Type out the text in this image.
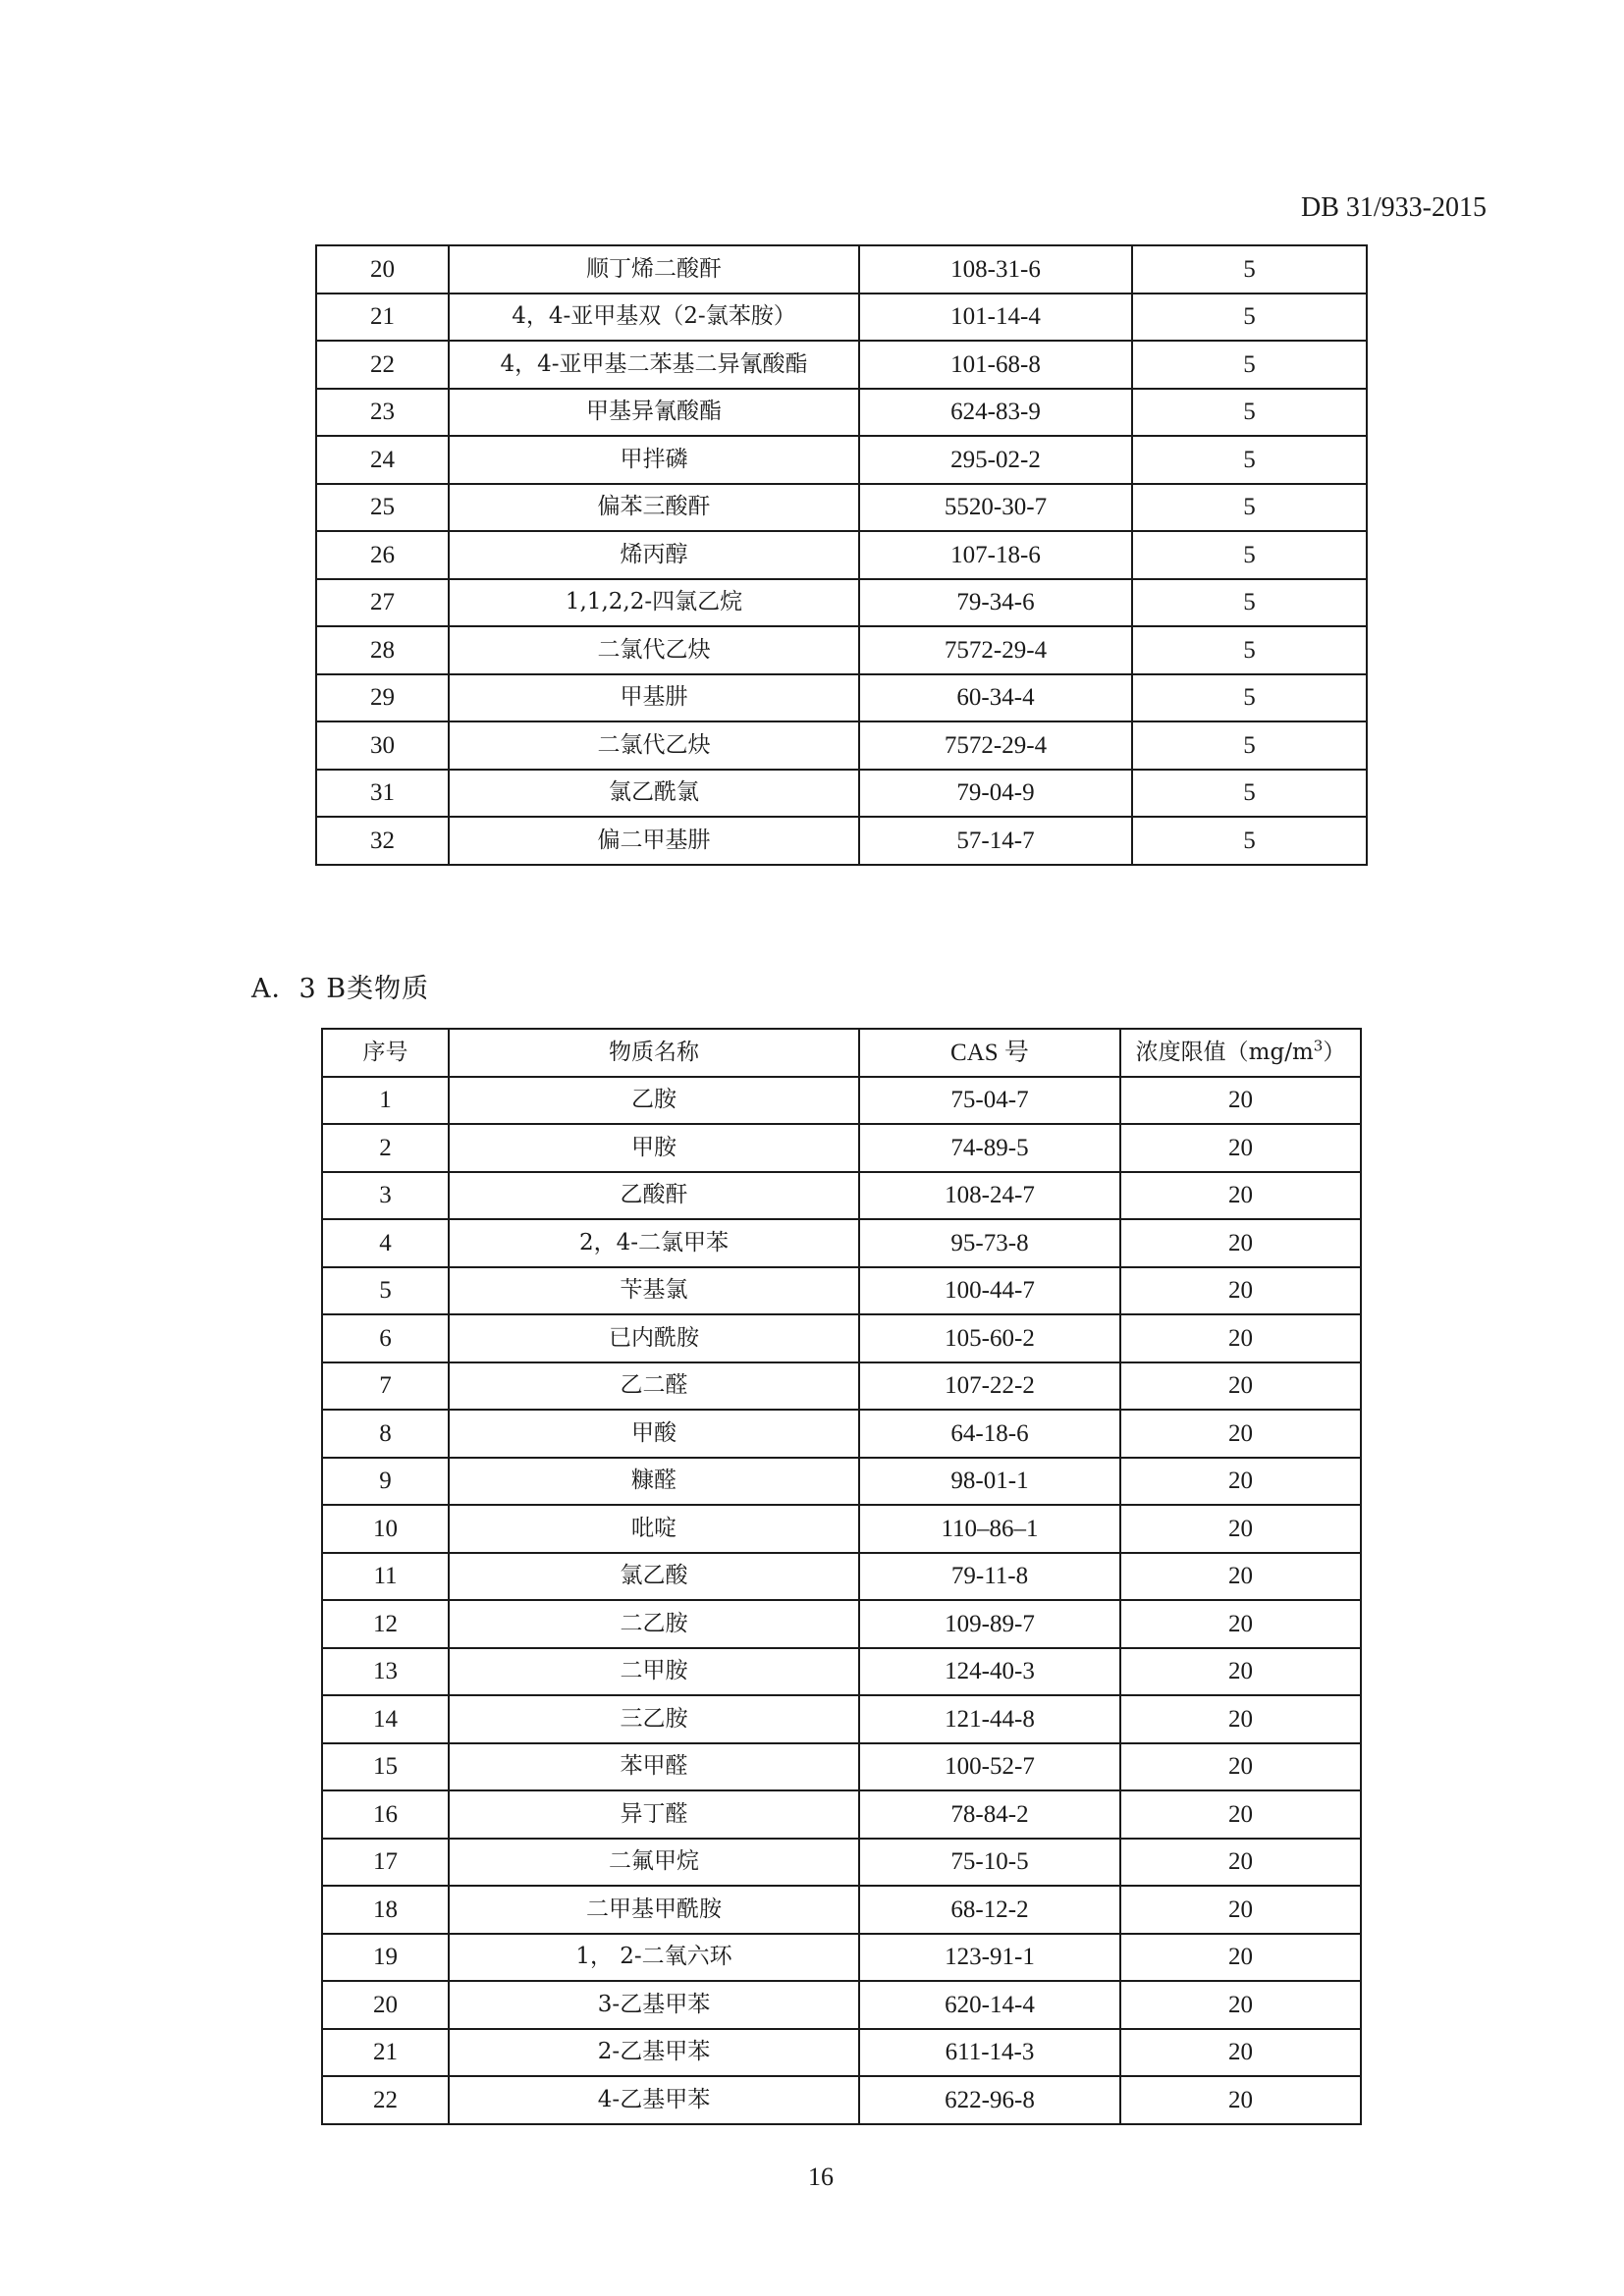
DB 31/933-2015
20	顺丁烯二酸酐	108-31-6	5
21	4，4-亚甲基双（2-氯苯胺）	101-14-4	5
22	4，4-亚甲基二苯基二异氰酸酯	101-68-8	5
23	甲基异氰酸酯	624-83-9	5
24	甲拌磷	295-02-2	5
25	偏苯三酸酐	5520-30-7	5
26	烯丙醇	107-18-6	5
27	1,1,2,2-四氯乙烷	79-34-6	5
28	二氯代乙炔	7572-29-4	5
29	甲基肼	60-34-4	5
30	二氯代乙炔	7572-29-4	5
31	氯乙酰氯	79-04-9	5
32	偏二甲基肼	57-14-7	5
A．3 B类物质
序号	物质名称	CAS 号	浓度限值$(mg/m^3)$
1	乙胺	75-04-7	20
2	甲胺	74-89-5	20
3	乙酸酐	108-24-7	20
4	2，4-二氯甲苯	95-73-8	20
5	苄基氯	100-44-7	20
6	已内酰胺	105-60-2	20
7	乙二醛	107-22-2	20
8	甲酸	64-18-6	20
9	糠醛	98-01-1	20
10	吡啶	110–86–1	20
11	氯乙酸	79-11-8	20
12	二乙胺	109-89-7	20
13	二甲胺	124-40-3	20
14	三乙胺	121-44-8	20
15	苯甲醛	100-52-7	20
16	异丁醛	78-84-2	20
17	二氟甲烷	75-10-5	20
18	二甲基甲酰胺	68-12-2	20
19	1， 2-二氧六环	123-91-1	20
20	3-乙基甲苯	620-14-4	20
21	2-乙基甲苯	611-14-3	20
22	4-乙基甲苯	622-96-8	20
16
